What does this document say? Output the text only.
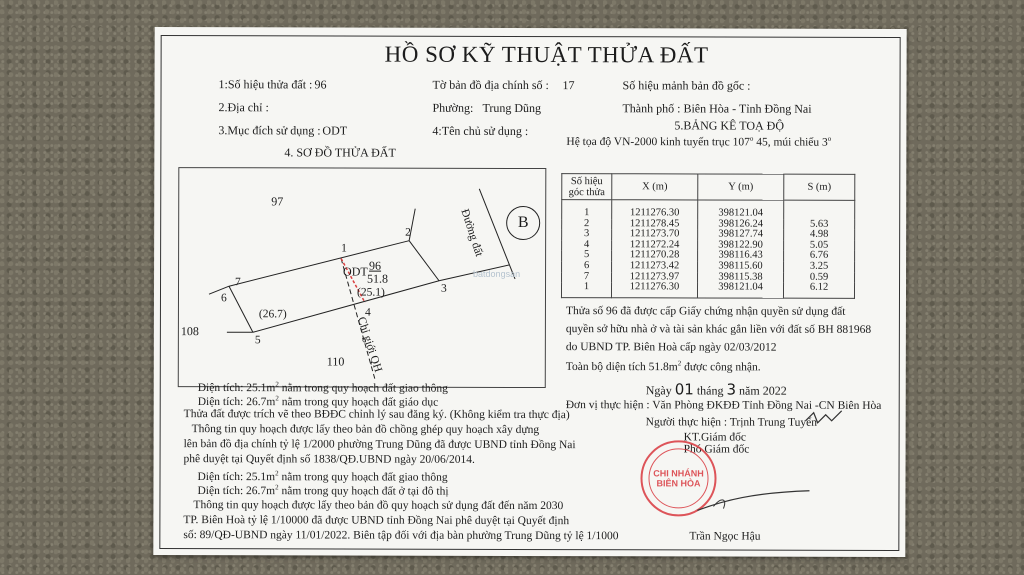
HỒ SƠ KỸ THUẬT THỬA ĐẤT
1:Số hiệu thửa đất : 96	Tờ bản đồ địa chính số : 17	Số hiệu mảnh bản đồ gốc :
2.Địa chỉ :	Phường: Trung Dũng	Thành phố : Biên Hòa - Tỉnh Đồng Nai
3.Mục đích sử dụng : ODT	4:Tên chủ sử dụng :	5.BẢNG KÊ TOẠ ĐỘ
Hệ tọa độ VN-2000 kinh tuyến trục 107$^o$ 45, múi chiếu 3$^o$
4. SƠ ĐỒ THỬA ĐẤT
97
108
110
ODT 96
51.8
(25.1)
(26.7)
Đường đất
Chỉ giới QH
2
1
3
4
5
6
7
batdongsan
B
Số hiệu góc thửa	X (m)	Y (m)	S (m)
1	1211276.30	398121.04	
2	1211278.45	398126.24	5.63
3	1211273.70	398127.74	4.98
4	1211272.24	398122.90	5.05
5	1211270.28	398116.43	6.76
6	1211273.42	398115.60	3.25
7	1211273.97	398115.38	0.59
1	1211276.30	398121.04	6.12
Thửa số 96 đã được cấp Giấy chứng nhận quyền sử dụng đất
quyền sở hữu nhà ở và tài sản khác gắn liền với đất số BH 881968
do UBND TP. Biên Hoà cấp ngày 02/03/2012
Toàn bộ diện tích $51.8m^2$ được công nhận.
Ngày 01 tháng 3 năm 2022
Đơn vị thực hiện : Văn Phòng ĐKĐĐ Tỉnh Đồng Nai -CN Biên Hòa
Người thực hiện : Trịnh Trung Tuyến
KT.Giám đốc
Phó Giám đốc
CHI NHÁNH
BIÊN HÒA
Trần Ngọc Hậu
Diện tích: $25.1m^2$ nằm trong quy hoạch đất giao thông
Diện tích: $26.7m^2$ nằm trong quy hoạch đất giáo dục
Thửa đất được trích vẽ theo BĐĐC chỉnh lý sau đăng ký. (Không kiểm tra thực địa)
Thông tin quy hoạch được lấy theo bản đồ chồng ghép quy hoạch xây dựng
lên bản đồ địa chính tỷ lệ 1/2000 phường Trung Dũng đã được UBND tỉnh Đồng Nai
phê duyệt tại Quyết định số 1838/QĐ.UBND ngày 20/06/2014.
Diện tích: $25.1m^2$ nằm trong quy hoạch đất giao thông
Diện tích: $26.7m^2$ nằm trong quy hoạch đất ở tại đô thị
Thông tin quy hoạch được lấy theo bản đồ quy hoạch sử dụng đất đến năm 2030
TP. Biên Hoà tỷ lệ 1/10000 đã được UBND tỉnh Đồng Nai phê duyệt tại Quyết định
số: 89/QĐ-UBND ngày 11/01/2022. Biên tập đối với địa bàn phường Trung Dũng tỷ lệ 1/1000
